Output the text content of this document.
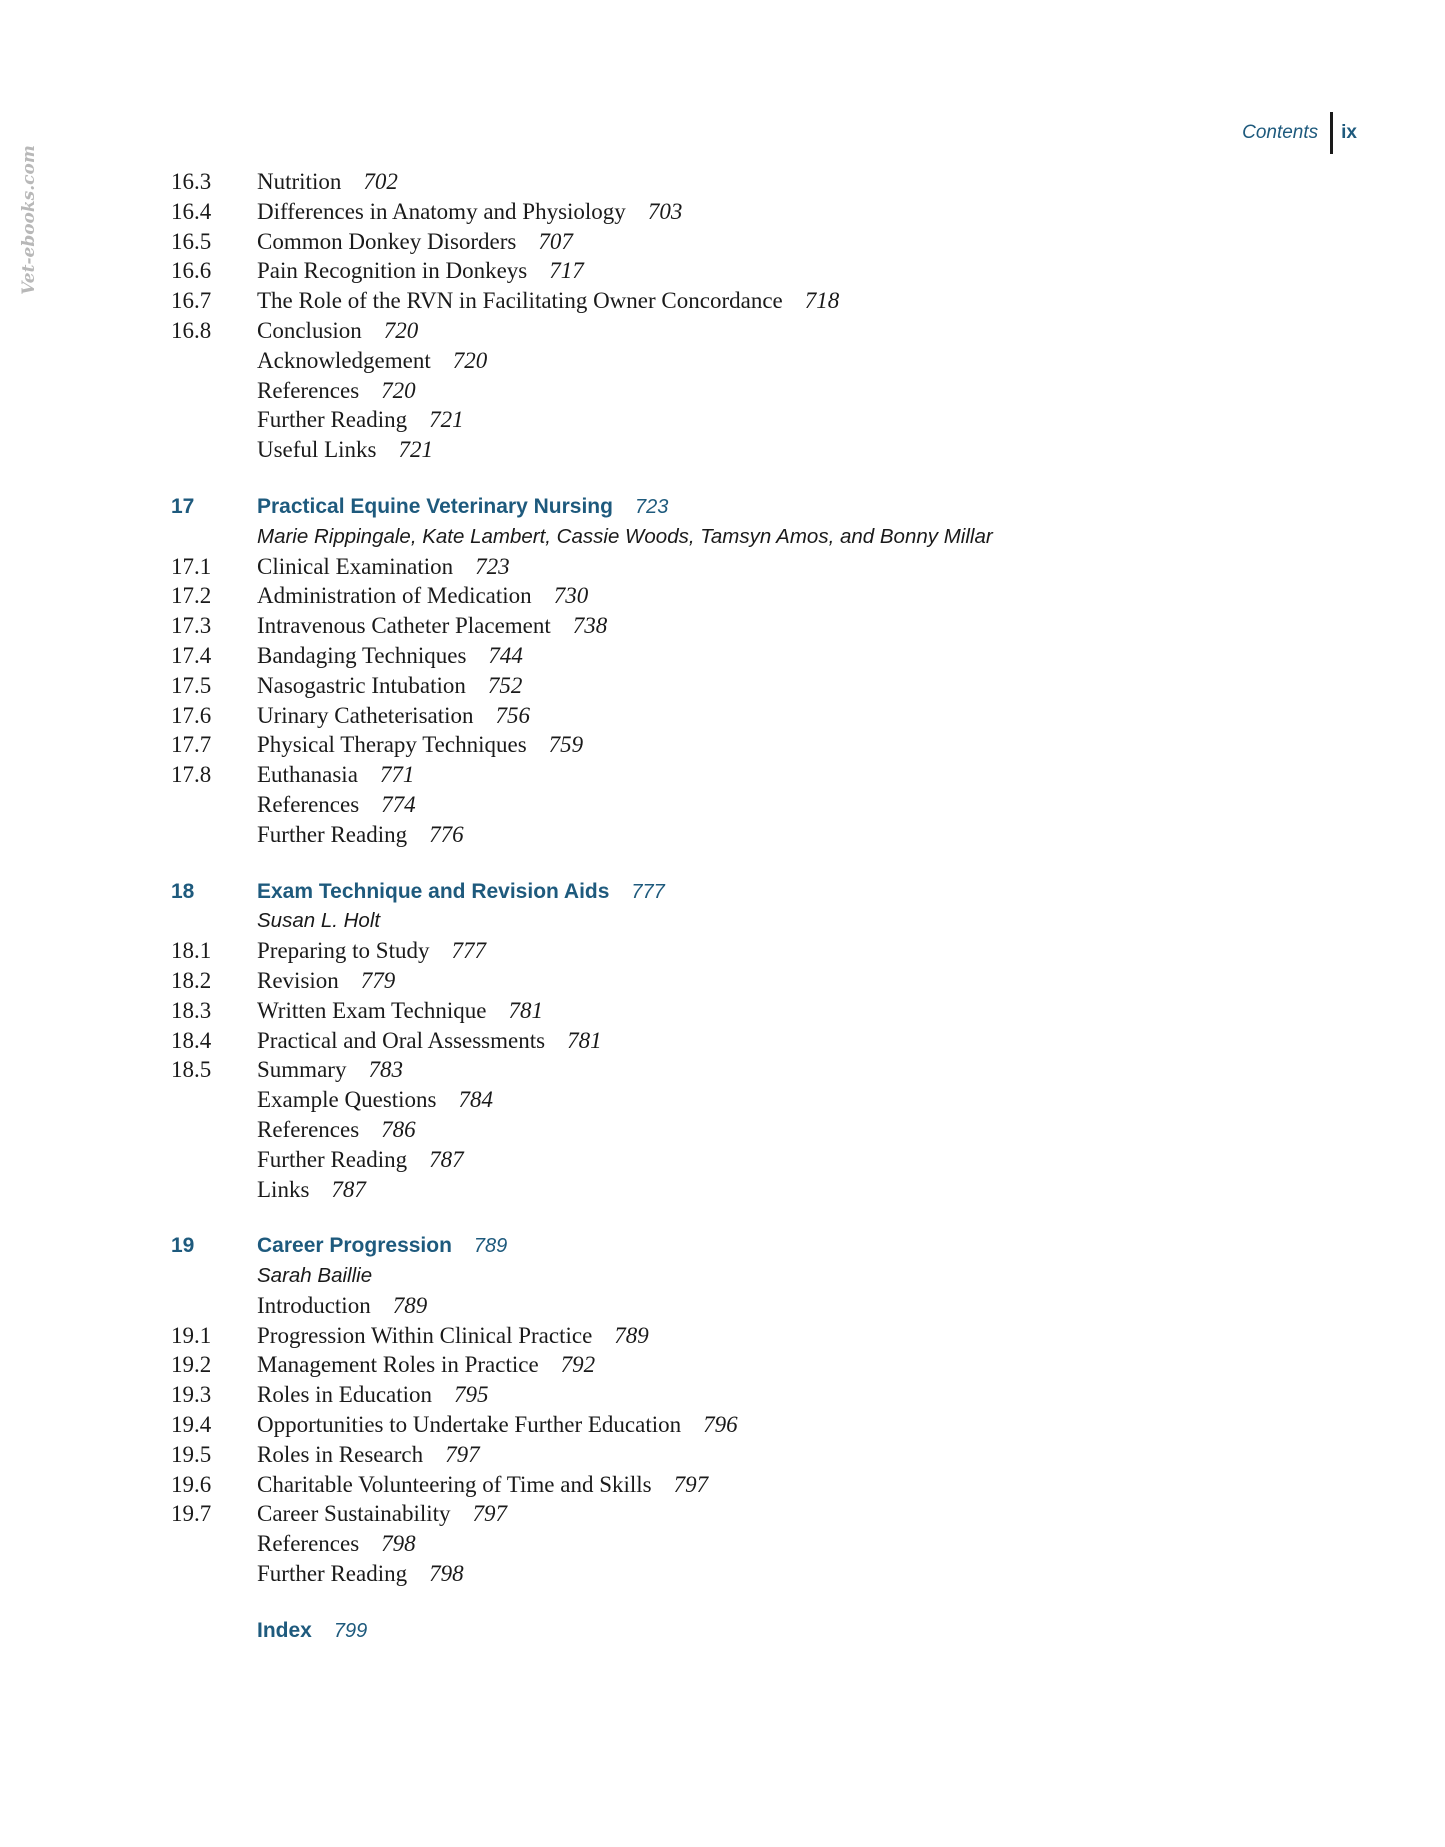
Vet-ebooks.com
Contents ix
16.3	Nutrition 702
16.4	Differences in Anatomy and Physiology 703
16.5	Common Donkey Disorders 707
16.6	Pain Recognition in Donkeys 717
16.7	The Role of the RVN in Facilitating Owner Concordance 718
16.8	Conclusion 720
Acknowledgement 720
References 720
Further Reading 721
Useful Links 721
17	Practical Equine Veterinary Nursing 723
Marie Rippingale, Kate Lambert, Cassie Woods, Tamsyn Amos, and Bonny Millar
17.1	Clinical Examination 723
17.2	Administration of Medication 730
17.3	Intravenous Catheter Placement 738
17.4	Bandaging Techniques 744
17.5	Nasogastric Intubation 752
17.6	Urinary Catheterisation 756
17.7	Physical Therapy Techniques 759
17.8	Euthanasia 771
References 774
Further Reading 776
18	Exam Technique and Revision Aids 777
Susan L. Holt
18.1	Preparing to Study 777
18.2	Revision 779
18.3	Written Exam Technique 781
18.4	Practical and Oral Assessments 781
18.5	Summary 783
Example Questions 784
References 786
Further Reading 787
Links 787
19	Career Progression 789
Sarah Baillie
Introduction 789
19.1	Progression Within Clinical Practice 789
19.2	Management Roles in Practice 792
19.3	Roles in Education 795
19.4	Opportunities to Undertake Further Education 796
19.5	Roles in Research 797
19.6	Charitable Volunteering of Time and Skills 797
19.7	Career Sustainability 797
References 798
Further Reading 798
Index 799
